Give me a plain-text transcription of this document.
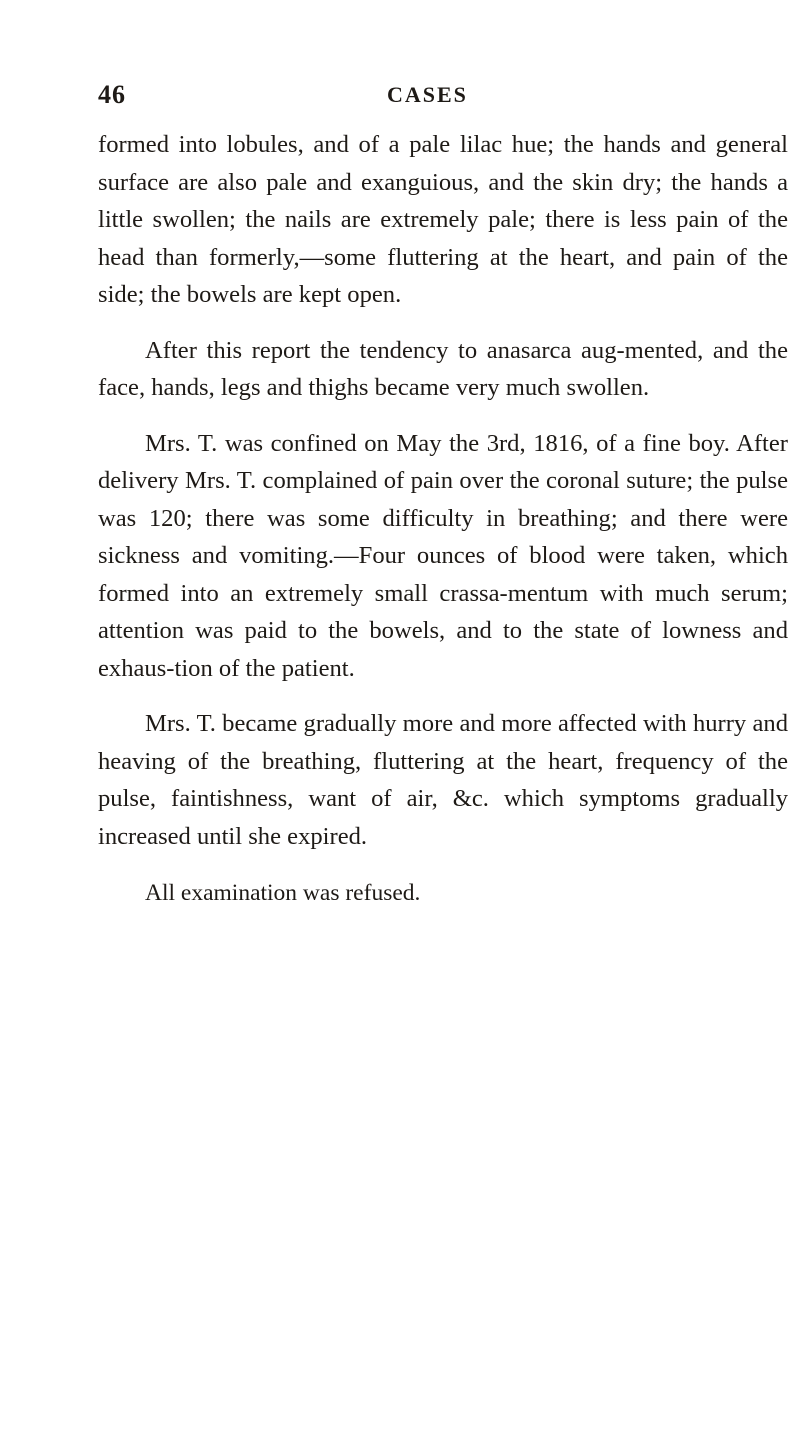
46	CASES

formed into lobules, and of a pale lilac hue; the hands and general surface are also pale and exanguious, and the skin dry; the hands a little swollen; the nails are extremely pale; there is less pain of the head than formerly,—some fluttering at the heart, and pain of the side; the bowels are kept open.

After this report the tendency to anasarca aug-mented, and the face, hands, legs and thighs became very much swollen.

Mrs. T. was confined on May the 3rd, 1816, of a fine boy. After delivery Mrs. T. complained of pain over the coronal suture; the pulse was 120; there was some difficulty in breathing; and there were sickness and vomiting.—Four ounces of blood were taken, which formed into an extremely small crassa-mentum with much serum; attention was paid to the bowels, and to the state of lowness and exhaus-tion of the patient.

Mrs. T. became gradually more and more affected with hurry and heaving of the breathing, fluttering at the heart, frequency of the pulse, faintishness, want of air, &c. which symptoms gradually increased until she expired.

All examination was refused.
